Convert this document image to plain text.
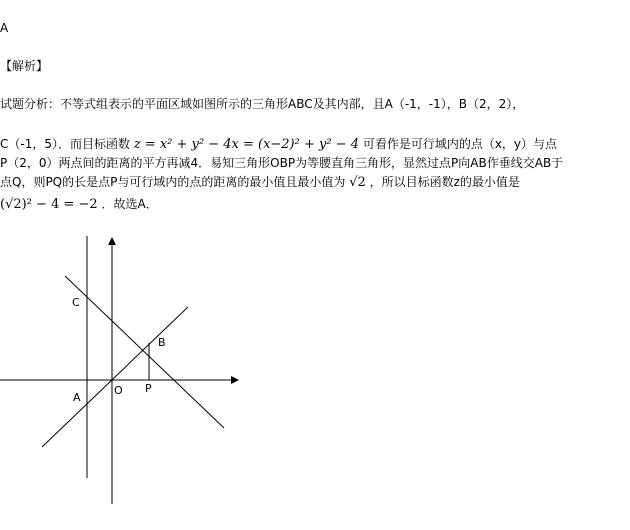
A
【解析】
试题分析：不等式组表示的平面区域如图所示的三角形ABC及其内部，且A（-1，-1），B（2，2），
C（-1，5）．而目标函数 z = x² + y² − 4x = (x−2)² + y² − 4 可看作是可行域内的点（x，y）与点
P（2，0）两点间的距离的平方再减4．易知三角形OBP为等腰直角三角形，显然过点P向AB作垂线交AB于
点Q，则PQ的长是点P与可行域内的点的距离的最小值且最小值为 √2 ，所以目标函数z的最小值是
(√2)² − 4 = −2 ．故选A．
C
B
O P
A
